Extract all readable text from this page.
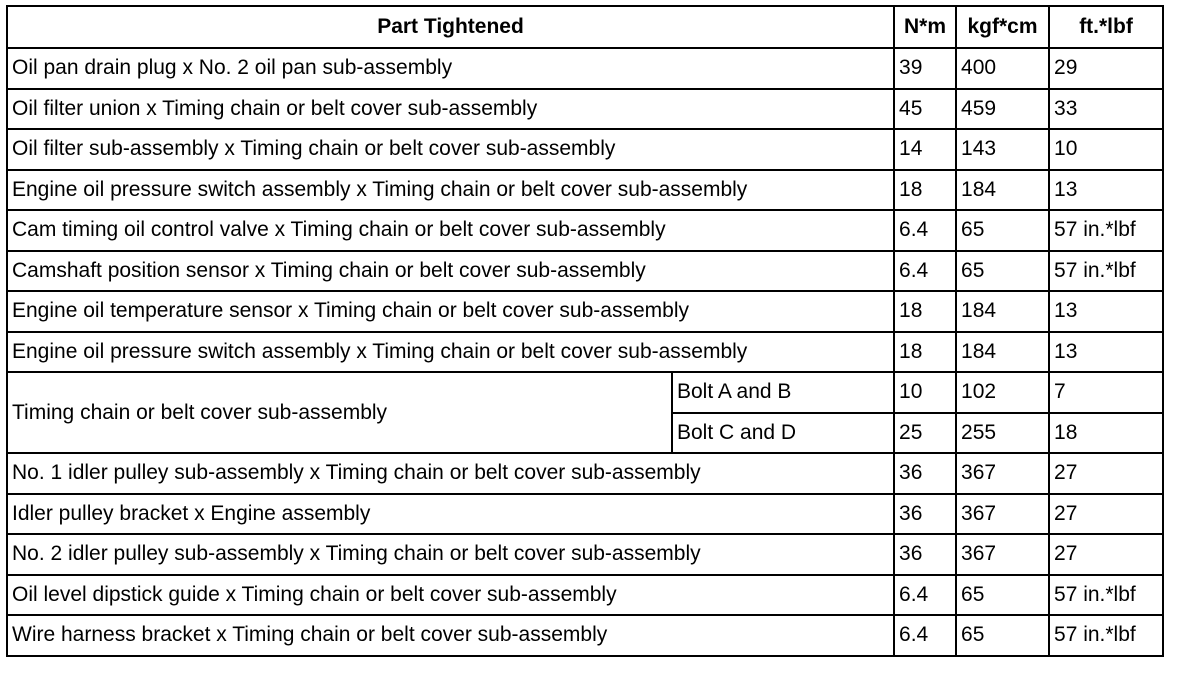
Part Tightened		N*m	kgf*cm	ft.*lbf
Oil pan drain plug x No. 2 oil pan sub-assembly		39	400	29
Oil filter union x Timing chain or belt cover sub-assembly		45	459	33
Oil filter sub-assembly x Timing chain or belt cover sub-assembly		14	143	10
Engine oil pressure switch assembly x Timing chain or belt cover sub-assembly		18	184	13
Cam timing oil control valve x Timing chain or belt cover sub-assembly		6.4	65	57 in.*lbf
Camshaft position sensor x Timing chain or belt cover sub-assembly		6.4	65	57 in.*lbf
Engine oil temperature sensor x Timing chain or belt cover sub-assembly		18	184	13
Engine oil pressure switch assembly x Timing chain or belt cover sub-assembly		18	184	13
Timing chain or belt cover sub-assembly	Bolt A and B	10	102	7
	Bolt C and D	25	255	18
No. 1 idler pulley sub-assembly x Timing chain or belt cover sub-assembly		36	367	27
Idler pulley bracket x Engine assembly		36	367	27
No. 2 idler pulley sub-assembly x Timing chain or belt cover sub-assembly		36	367	27
Oil level dipstick guide x Timing chain or belt cover sub-assembly		6.4	65	57 in.*lbf
Wire harness bracket x Timing chain or belt cover sub-assembly		6.4	65	57 in.*lbf
